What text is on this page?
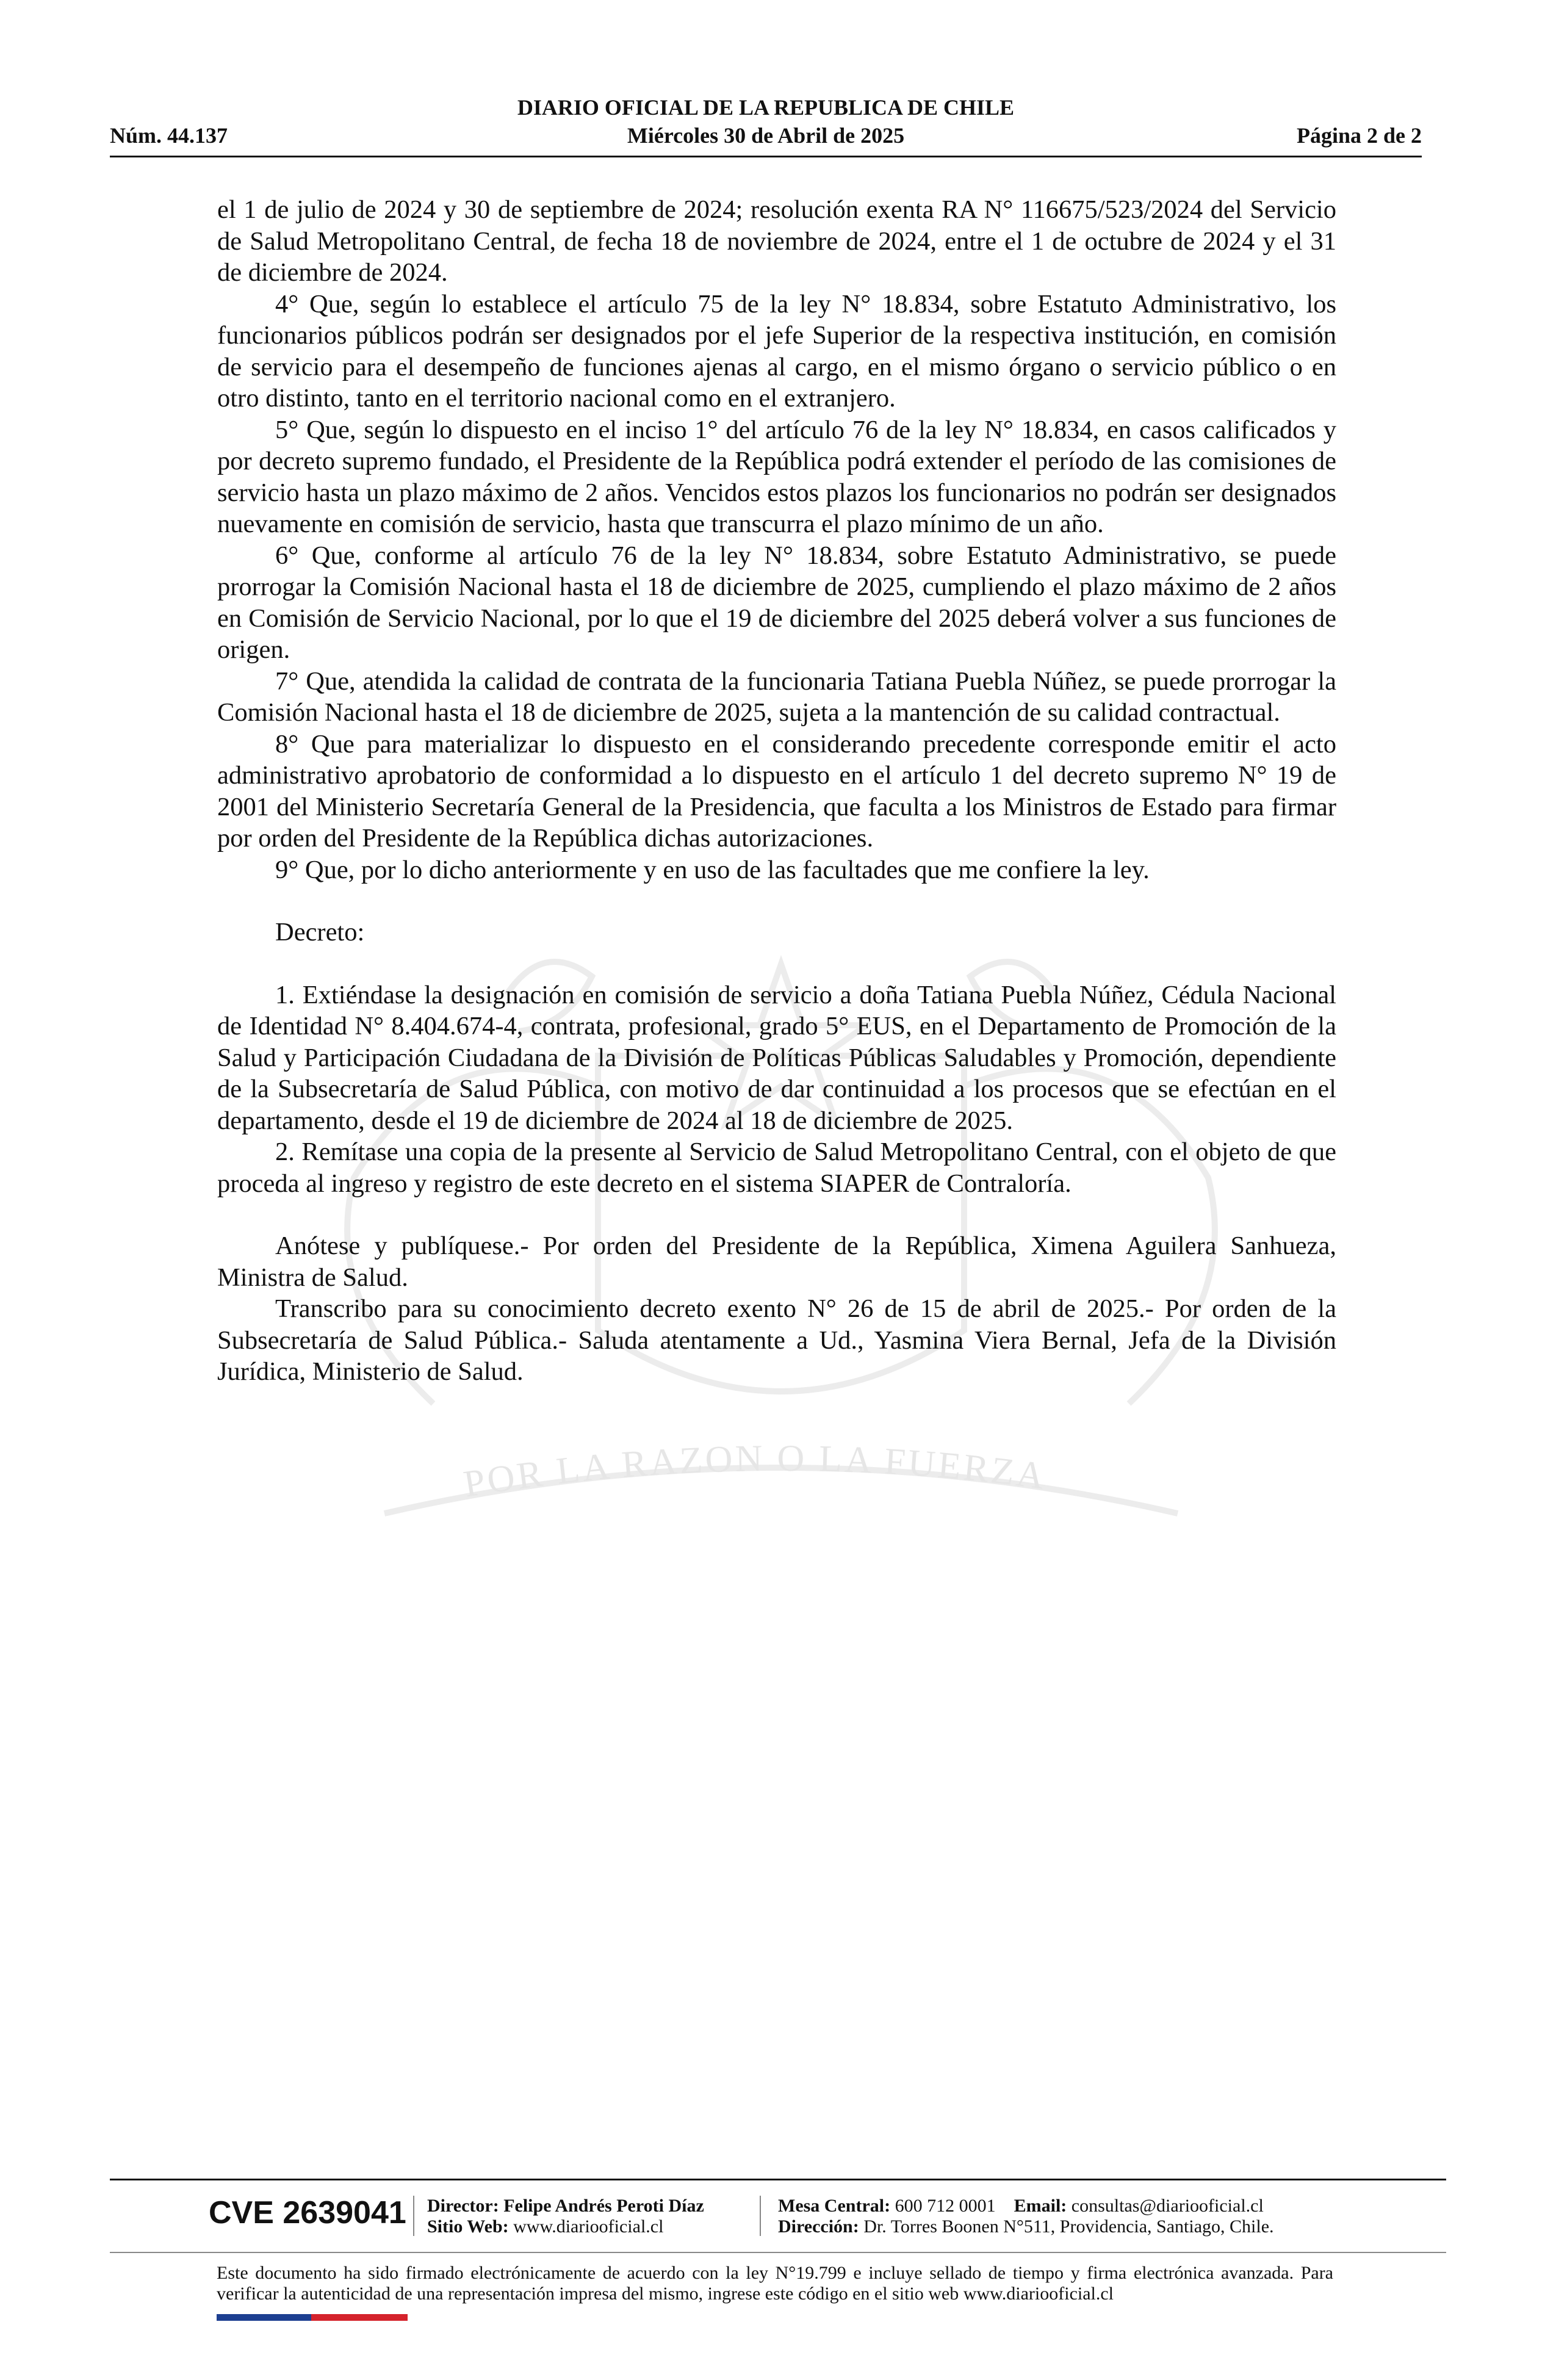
POR LA RAZON O LA FUERZA
DIARIO OFICIAL DE LA REPUBLICA DE CHILE
Núm. 44.137	Miércoles 30 de Abril de 2025	Página 2 de 2

el 1 de julio de 2024 y 30 de septiembre de 2024; resolución exenta RA N° 116675/523/2024 del Servicio de Salud Metropolitano Central, de fecha 18 de noviembre de 2024, entre el 1 de octubre de 2024 y el 31 de diciembre de 2024.

4° Que, según lo establece el artículo 75 de la ley N° 18.834, sobre Estatuto Administrativo, los funcionarios públicos podrán ser designados por el jefe Superior de la respectiva institución, en comisión de servicio para el desempeño de funciones ajenas al cargo, en el mismo órgano o servicio público o en otro distinto, tanto en el territorio nacional como en el extranjero.

5° Que, según lo dispuesto en el inciso 1° del artículo 76 de la ley N° 18.834, en casos calificados y por decreto supremo fundado, el Presidente de la República podrá extender el período de las comisiones de servicio hasta un plazo máximo de 2 años. Vencidos estos plazos los funcionarios no podrán ser designados nuevamente en comisión de servicio, hasta que transcurra el plazo mínimo de un año.

6° Que, conforme al artículo 76 de la ley N° 18.834, sobre Estatuto Administrativo, se puede prorrogar la Comisión Nacional hasta el 18 de diciembre de 2025, cumpliendo el plazo máximo de 2 años en Comisión de Servicio Nacional, por lo que el 19 de diciembre del 2025 deberá volver a sus funciones de origen.

7° Que, atendida la calidad de contrata de la funcionaria Tatiana Puebla Núñez, se puede prorrogar la Comisión Nacional hasta el 18 de diciembre de 2025, sujeta a la mantención de su calidad contractual.

8° Que para materializar lo dispuesto en el considerando precedente corresponde emitir el acto administrativo aprobatorio de conformidad a lo dispuesto en el artículo 1 del decreto supremo N° 19 de 2001 del Ministerio Secretaría General de la Presidencia, que faculta a los Ministros de Estado para firmar por orden del Presidente de la República dichas autorizaciones.

9° Que, por lo dicho anteriormente y en uso de las facultades que me confiere la ley.

Decreto:

1. Extiéndase la designación en comisión de servicio a doña Tatiana Puebla Núñez, Cédula Nacional de Identidad N° 8.404.674-4, contrata, profesional, grado 5° EUS, en el Departamento de Promoción de la Salud y Participación Ciudadana de la División de Políticas Públicas Saludables y Promoción, dependiente de la Subsecretaría de Salud Pública, con motivo de dar continuidad a los procesos que se efectúan en el departamento, desde el 19 de diciembre de 2024 al 18 de diciembre de 2025.

2. Remítase una copia de la presente al Servicio de Salud Metropolitano Central, con el objeto de que proceda al ingreso y registro de este decreto en el sistema SIAPER de Contraloría.

Anótese y publíquese.- Por orden del Presidente de la República, Ximena Aguilera Sanhueza, Ministra de Salud.

Transcribo para su conocimiento decreto exento N° 26 de 15 de abril de 2025.- Por orden de la Subsecretaría de Salud Pública.- Saluda atentamente a Ud., Yasmina Viera Bernal, Jefa de la División Jurídica, Ministerio de Salud.

CVE 2639041 Director: Felipe Andrés Peroti Díaz
Sitio Web: www.diariooficial.cl
Mesa Central: 600 712 0001 Email: consultas@diariooficial.cl
Dirección: Dr. Torres Boonen N°511, Providencia, Santiago, Chile.
Este documento ha sido firmado electrónicamente de acuerdo con la ley N°19.799 e incluye sellado de tiempo y firma electrónica avanzada. Para verificar la autenticidad de una representación impresa del mismo, ingrese este código en el sitio web www.diariooficial.cl
